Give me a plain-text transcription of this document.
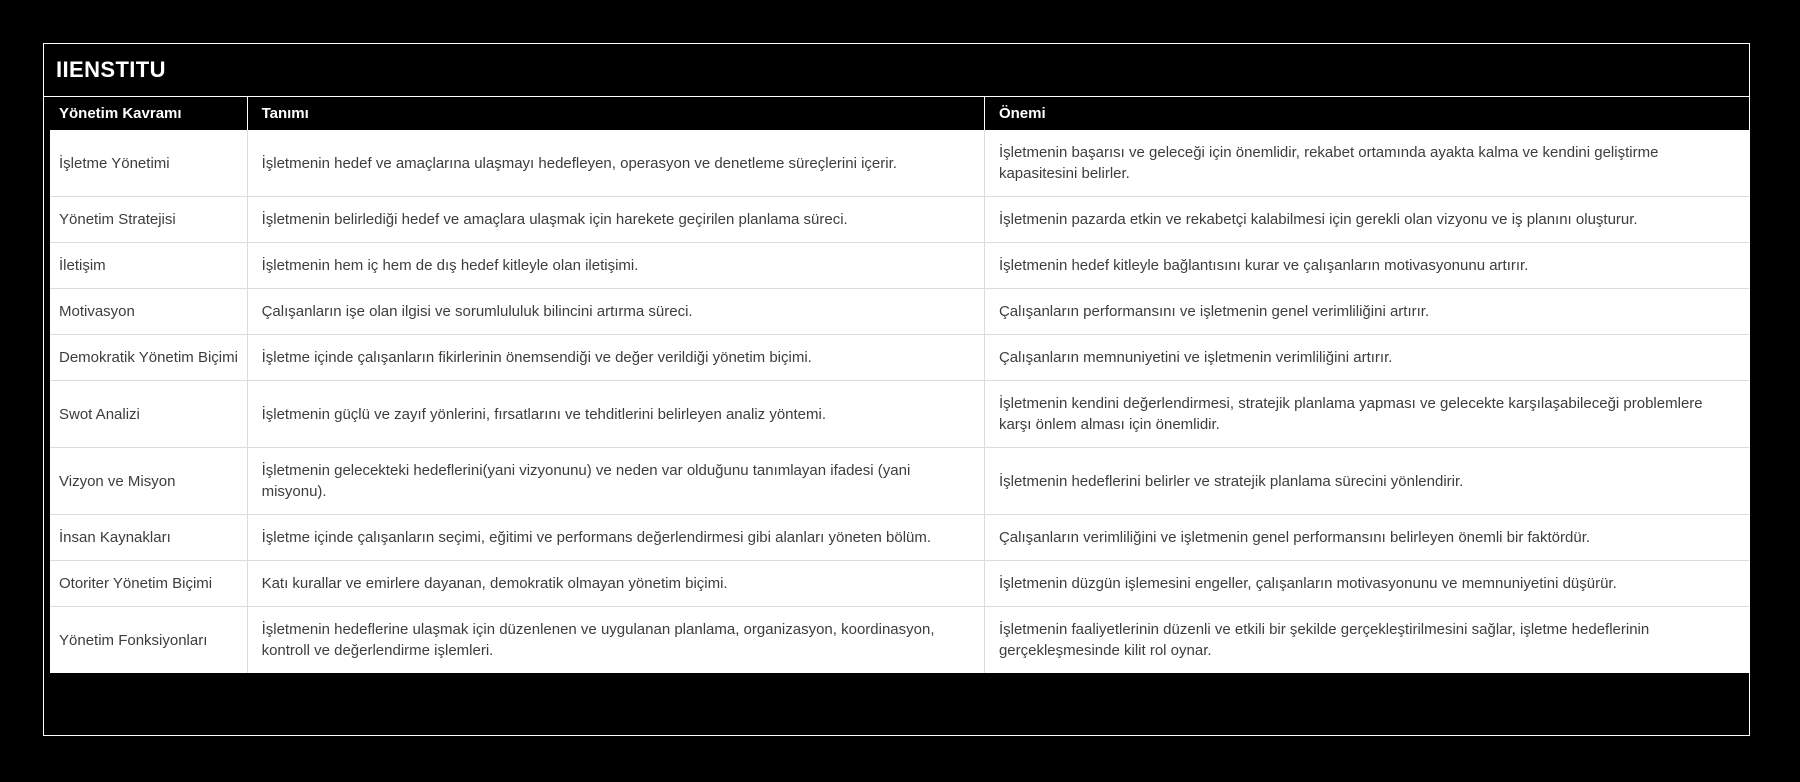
IIENSTITU
Yönetim Kavramı	Tanımı	Önemi
İşletme Yönetimi	İşletmenin hedef ve amaçlarına ulaşmayı hedefleyen, operasyon ve denetleme süreçlerini içerir.	İşletmenin başarısı ve geleceği için önemlidir, rekabet ortamında ayakta kalma ve kendini geliştirme kapasitesini belirler.
Yönetim Stratejisi	İşletmenin belirlediği hedef ve amaçlara ulaşmak için harekete geçirilen planlama süreci.	İşletmenin pazarda etkin ve rekabetçi kalabilmesi için gerekli olan vizyonu ve iş planını oluşturur.
İletişim	İşletmenin hem iç hem de dış hedef kitleyle olan iletişimi.	İşletmenin hedef kitleyle bağlantısını kurar ve çalışanların motivasyonunu artırır.
Motivasyon	Çalışanların işe olan ilgisi ve sorumlululuk bilincini artırma süreci.	Çalışanların performansını ve işletmenin genel verimliliğini artırır.
Demokratik Yönetim Biçimi	İşletme içinde çalışanların fikirlerinin önemsendiği ve değer verildiği yönetim biçimi.	Çalışanların memnuniyetini ve işletmenin verimliliğini artırır.
Swot Analizi	İşletmenin güçlü ve zayıf yönlerini, fırsatlarını ve tehditlerini belirleyen analiz yöntemi.	İşletmenin kendini değerlendirmesi, stratejik planlama yapması ve gelecekte karşılaşabileceği problemlere karşı önlem alması için önemlidir.
Vizyon ve Misyon	İşletmenin gelecekteki hedeflerini(yani vizyonunu) ve neden var olduğunu tanımlayan ifadesi (yani misyonu).	İşletmenin hedeflerini belirler ve stratejik planlama sürecini yönlendirir.
İnsan Kaynakları	İşletme içinde çalışanların seçimi, eğitimi ve performans değerlendirmesi gibi alanları yöneten bölüm.	Çalışanların verimliliğini ve işletmenin genel performansını belirleyen önemli bir faktördür.
Otoriter Yönetim Biçimi	Katı kurallar ve emirlere dayanan, demokratik olmayan yönetim biçimi.	İşletmenin düzgün işlemesini engeller, çalışanların motivasyonunu ve memnuniyetini düşürür.
Yönetim Fonksiyonları	İşletmenin hedeflerine ulaşmak için düzenlenen ve uygulanan planlama, organizasyon, koordinasyon, kontroll ve değerlendirme işlemleri.	İşletmenin faaliyetlerinin düzenli ve etkili bir şekilde gerçekleştirilmesini sağlar, işletme hedeflerinin gerçekleşmesinde kilit rol oynar.
